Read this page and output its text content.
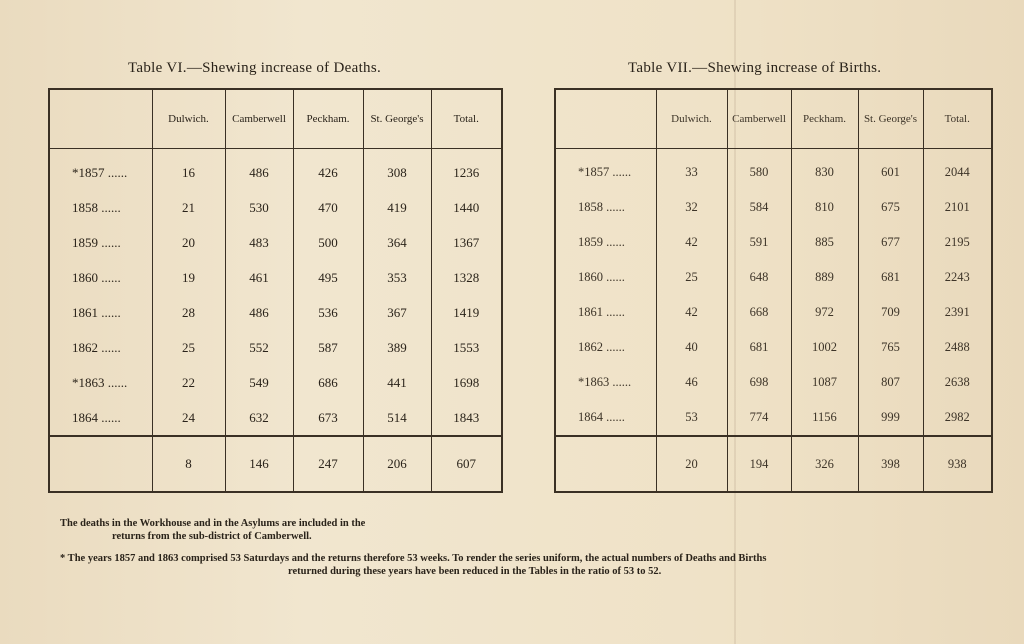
Table VI.—Shewing increase of Deaths.	Table VII.—Shewing increase of Births.
	Dulwich.	Camberwell	Peckham.	St. George's	Total.
*1857 ......	16	486	426	308	1236
1858 ......	21	530	470	419	1440
1859 ......	20	483	500	364	1367
1860 ......	19	461	495	353	1328
1861 ......	28	486	536	367	1419
1862 ......	25	552	587	389	1553
*1863 ......	22	549	686	441	1698
1864 ......	24	632	673	514	1843
	8	146	247	206	607
	Dulwich.	Camberwell	Peckham.	St. George's	Total.
*1857 ......	33	580	830	601	2044
1858 ......	32	584	810	675	2101
1859 ......	42	591	885	677	2195
1860 ......	25	648	889	681	2243
1861 ......	42	668	972	709	2391
1862 ......	40	681	1002	765	2488
*1863 ......	46	698	1087	807	2638
1864 ......	53	774	1156	999	2982
	20	194	326	398	938
The deaths in the Workhouse and in the Asylums are included in the
returns from the sub-district of Camberwell.
* The years 1857 and 1863 comprised 53 Saturdays and the returns therefore 53 weeks. To render the series uniform, the actual numbers of Deaths and Births
returned during these years have been reduced in the Tables in the ratio of 53 to 52.
